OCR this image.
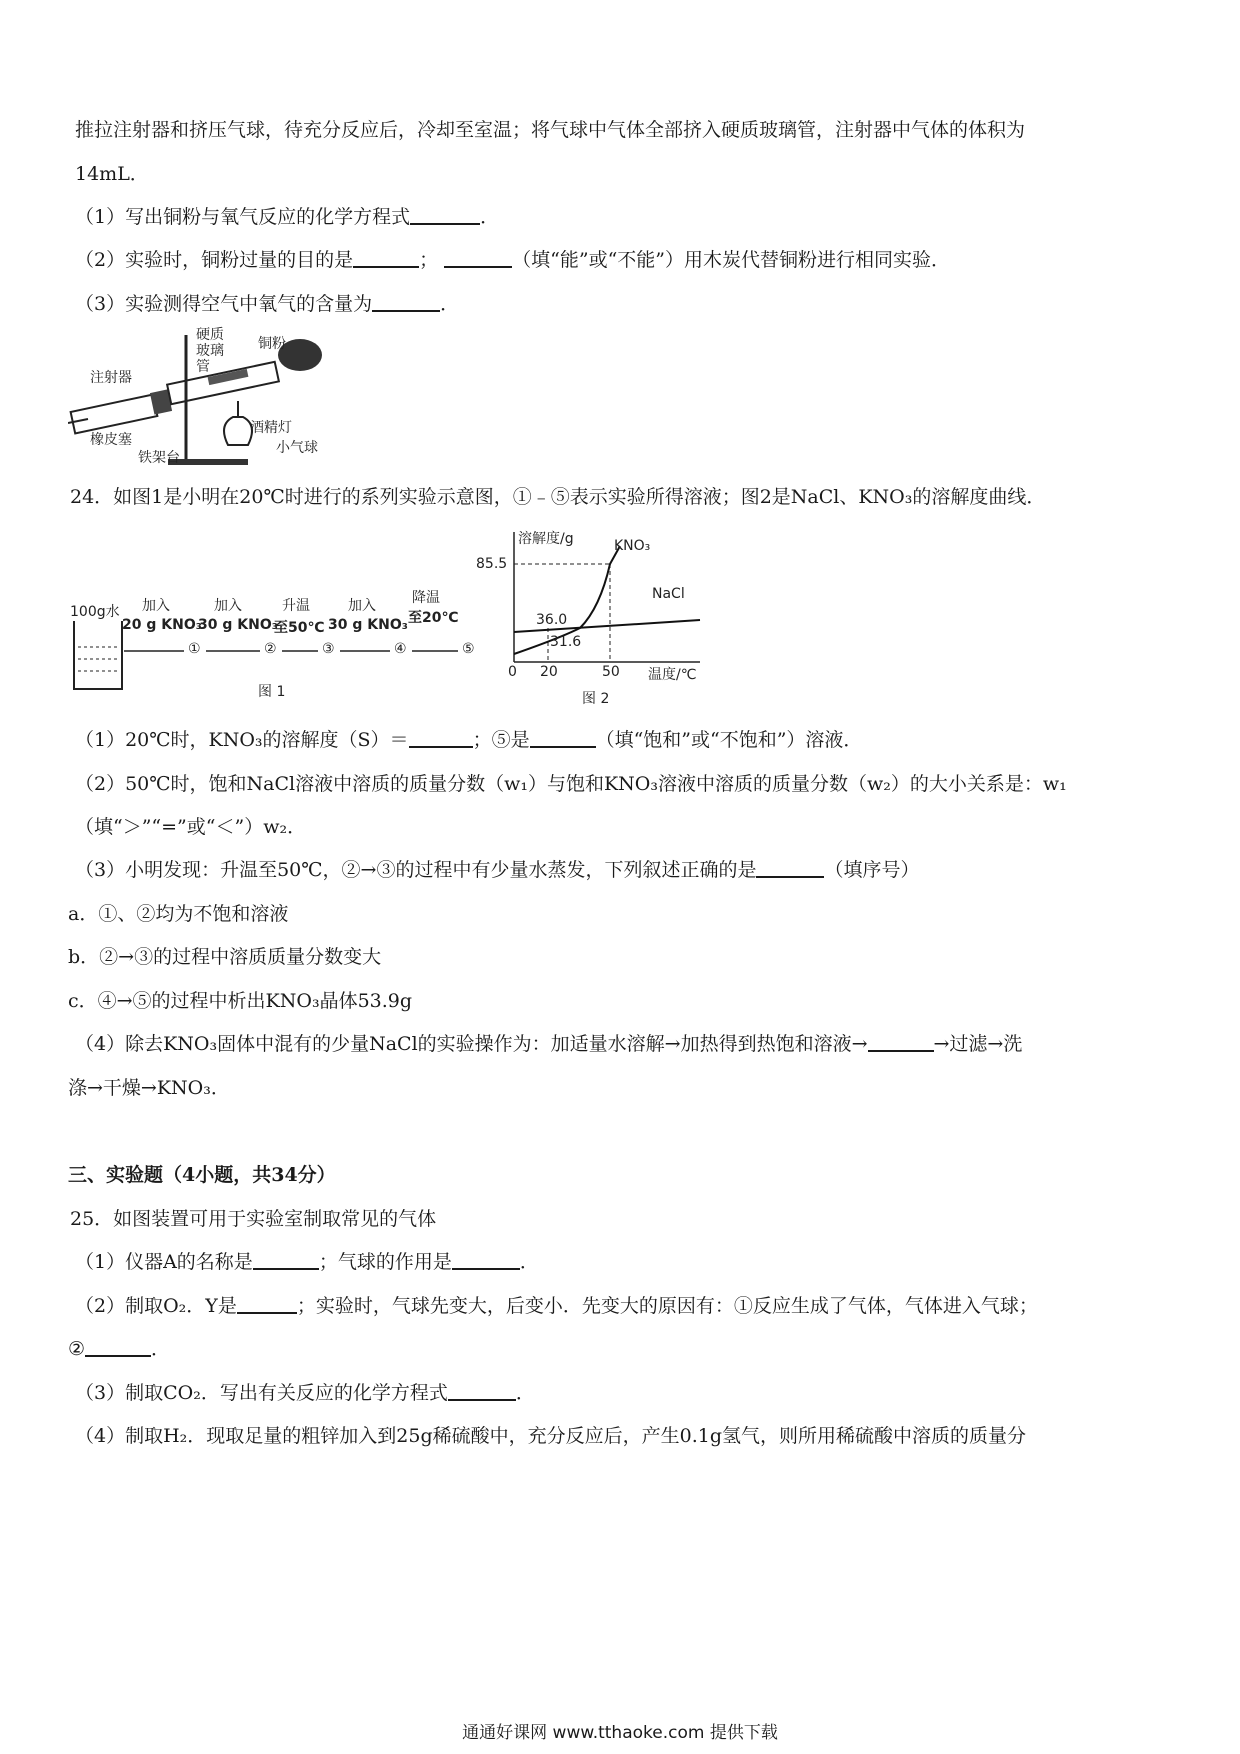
推拉注射器和挤压气球，待充分反应后，冷却至室温；将气球中气体全部挤入硬质玻璃管，注射器中气体的体积为
14mL．
（1）写出铜粉与氧气反应的化学方程式	．
（2）实验时，铜粉过量的目的是	；	（填“能”或“不能”）用木炭代替铜粉进行相同实验．
（3）实验测得空气中氧气的含量为	．
注射器
硬质玻璃管
铜粉
橡皮塞
铁架台
酒精灯
小气球
24．如图1是小明在20℃时进行的系列实验示意图，①﹣⑤表示实验所得溶液；图2是NaCl、KNO₃的溶解度曲线．
100g水 加入
20 g KNO₃
①
加入
30 g KNO₃
②
升温
至50℃
③
加入
30 g KNO₃
④
降温
至20℃
⑤
图 1
溶解度/g
85.5
KNO₃
NaCl
36.0
31.6
0 20	50 温度/℃
图 2
（1）20℃时，KNO₃的溶解度（S）＝	；⑤是	（填“饱和”或“不饱和”）溶液．
（2）50℃时，饱和NaCl溶液中溶质的质量分数（w₁）与饱和KNO₃溶液中溶质的质量分数（w₂）的大小关系是：w₁
（填“＞”“=”或“＜”）w₂．
（3）小明发现：升温至50℃，②→③的过程中有少量水蒸发，下列叙述正确的是	（填序号）
a．①、②均为不饱和溶液
b．②→③的过程中溶质质量分数变大
c．④→⑤的过程中析出KNO₃晶体53.9g
（4）除去KNO₃固体中混有的少量NaCl的实验操作为：加适量水溶解→加热得到热饱和溶液→	→过滤→洗
涤→干燥→KNO₃．
三、实验题（4小题，共34分）
25．如图装置可用于实验室制取常见的气体
（1）仪器A的名称是	；气球的作用是	．
（2）制取O₂．Y是	；实验时，气球先变大，后变小．先变大的原因有：①反应生成了气体，气体进入气球；
②	．
（3）制取CO₂．写出有关反应的化学方程式	．
（4）制取H₂．现取足量的粗锌加入到25g稀硫酸中，充分反应后，产生0.1g氢气，则所用稀硫酸中溶质的质量分
通通好课网 www.tthaoke.com 提供下载
